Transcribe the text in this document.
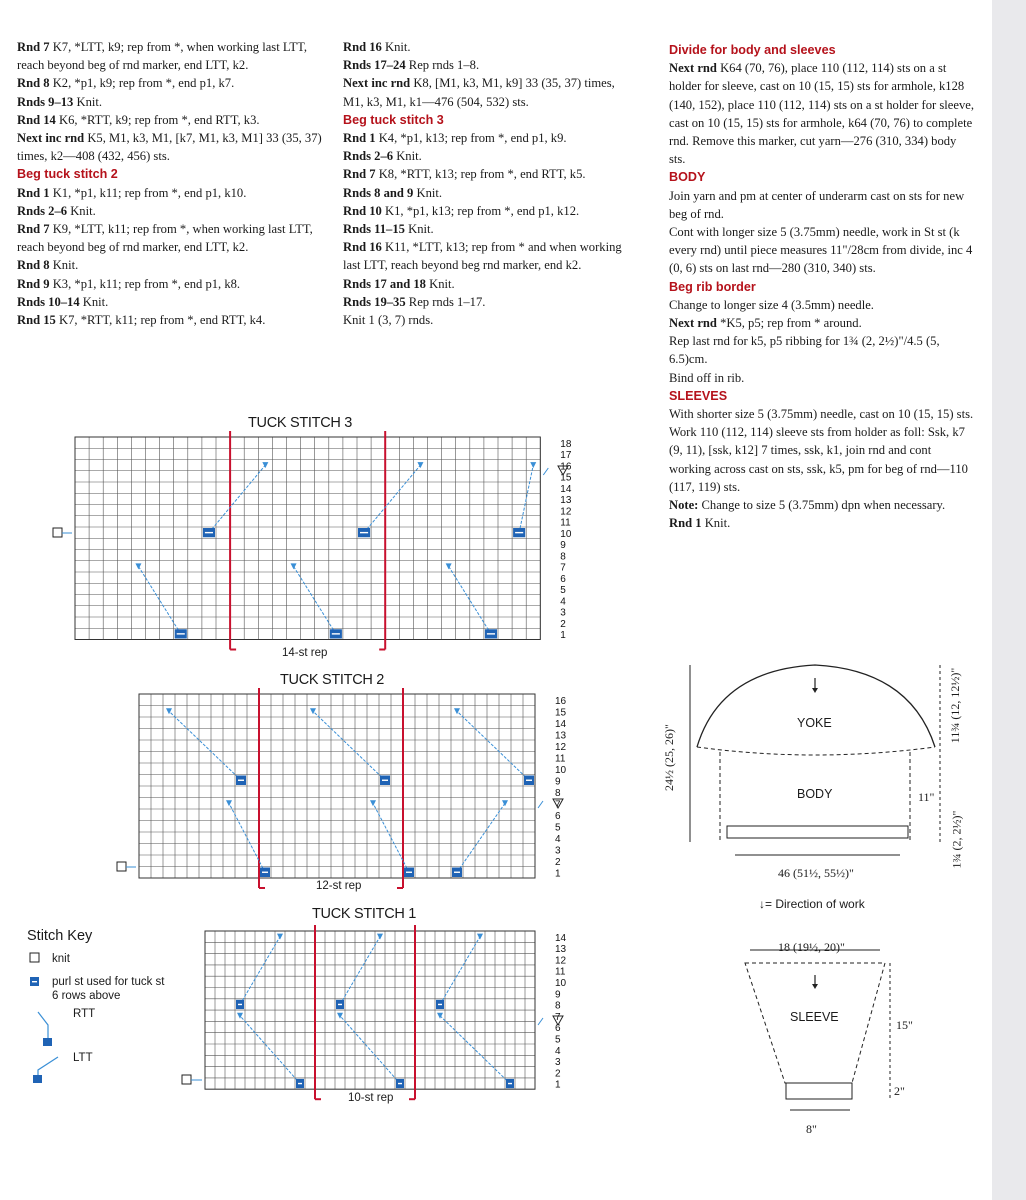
Rnd 7 K7, *LTT, k9; rep from *, when working last LTT, reach beyond beg of rnd marker, end LTT, k2.

Rnd 8 K2, *p1, k9; rep from *, end p1, k7.

Rnds 9–13 Knit.

Rnd 14 K6, *RTT, k9; rep from *, end RTT, k3.

Next inc rnd K5, M1, k3, M1, [k7, M1, k3, M1] 33 (35, 37) times, k2—408 (432, 456) sts.

Beg tuck stitch 2

Rnd 1 K1, *p1, k11; rep from *, end p1, k10.

Rnds 2–6 Knit.

Rnd 7 K9, *LTT, k11; rep from *, when working last LTT, reach beyond beg of rnd marker, end LTT, k2.

Rnd 8 Knit.

Rnd 9 K3, *p1, k11; rep from *, end p1, k8.

Rnds 10–14 Knit.

Rnd 15 K7, *RTT, k11; rep from *, end RTT, k4.

Rnd 16 Knit.

Rnds 17–24 Rep rnds 1–8.

Next inc rnd K8, [M1, k3, M1, k9] 33 (35, 37) times, M1, k3, M1, k1—476 (504, 532) sts.

Beg tuck stitch 3

Rnd 1 K4, *p1, k13; rep from *, end p1, k9.

Rnds 2–6 Knit.

Rnd 7 K8, *RTT, k13; rep from *, end RTT, k5.

Rnds 8 and 9 Knit.

Rnd 10 K1, *p1, k13; rep from *, end p1, k12.

Rnds 11–15 Knit.

Rnd 16 K11, *LTT, k13; rep from * and when working last LTT, reach beyond beg rnd marker, end k2.

Rnds 17 and 18 Knit.

Rnds 19–35 Rep rnds 1–17.

Knit 1 (3, 7) rnds.

Divide for body and sleeves

Next rnd K64 (70, 76), place 110 (112, 114) sts on a st holder for sleeve, cast on 10 (15, 15) sts for armhole, k128 (140, 152), place 110 (112, 114) sts on a st holder for sleeve, cast on 10 (15, 15) sts for armhole, k64 (70, 76) to complete rnd. Remove this marker, cut yarn—276 (310, 334) body sts.

BODY

Join yarn and pm at center of underarm cast on sts for new beg of rnd.

Cont with longer size 5 (3.75mm) needle, work in St st (k every rnd) until piece measures 11"/28cm from divide, inc 4 (0, 6) sts on last rnd—280 (310, 340) sts.

Beg rib border

Change to longer size 4 (3.5mm) needle.

Next rnd *K5, p5; rep from * around.

Rep last rnd for k5, p5 ribbing for 1¾ (2, 2½)"/4.5 (5, 6.5)cm.

Bind off in rib.

SLEEVES

With shorter size 5 (3.75mm) needle, cast on 10 (15, 15) sts.

Work 110 (112, 114) sleeve sts from holder as foll: Ssk, k7 (9, 11), [ssk, k12] 7 times, ssk, k1, join rnd and cont working across cast on sts, ssk, k5, pm for beg of rnd—110 (117, 119) sts.

Note: Change to size 5 (3.75mm) dpn when necessary.

Rnd 1 Knit.

TUCK STITCH 3
TUCK STITCH 2
TUCK STITCH 1
1
2
3
4
5
6
7
8
9
10
11
12
13
14
15
16
17
18
1
2
3
4
5
6
7
8
9
10
11
12
13
14
15
16
1
2
3
4
5
6
7
8
9
10
11
12
13
14
14-st rep
12-st rep
10-st rep
Stitch Key
knit
purl st used for tuck st 6 rows above
RTT
LTT
YOKE
BODY
SLEEVE
24½ (25, 26)"
11¾ (12, 12½)"
11"
1¾ (2, 2½)"
46 (51½, 55½)"
↓= Direction of work
18 (19½, 20)"
15"
2"
8"
